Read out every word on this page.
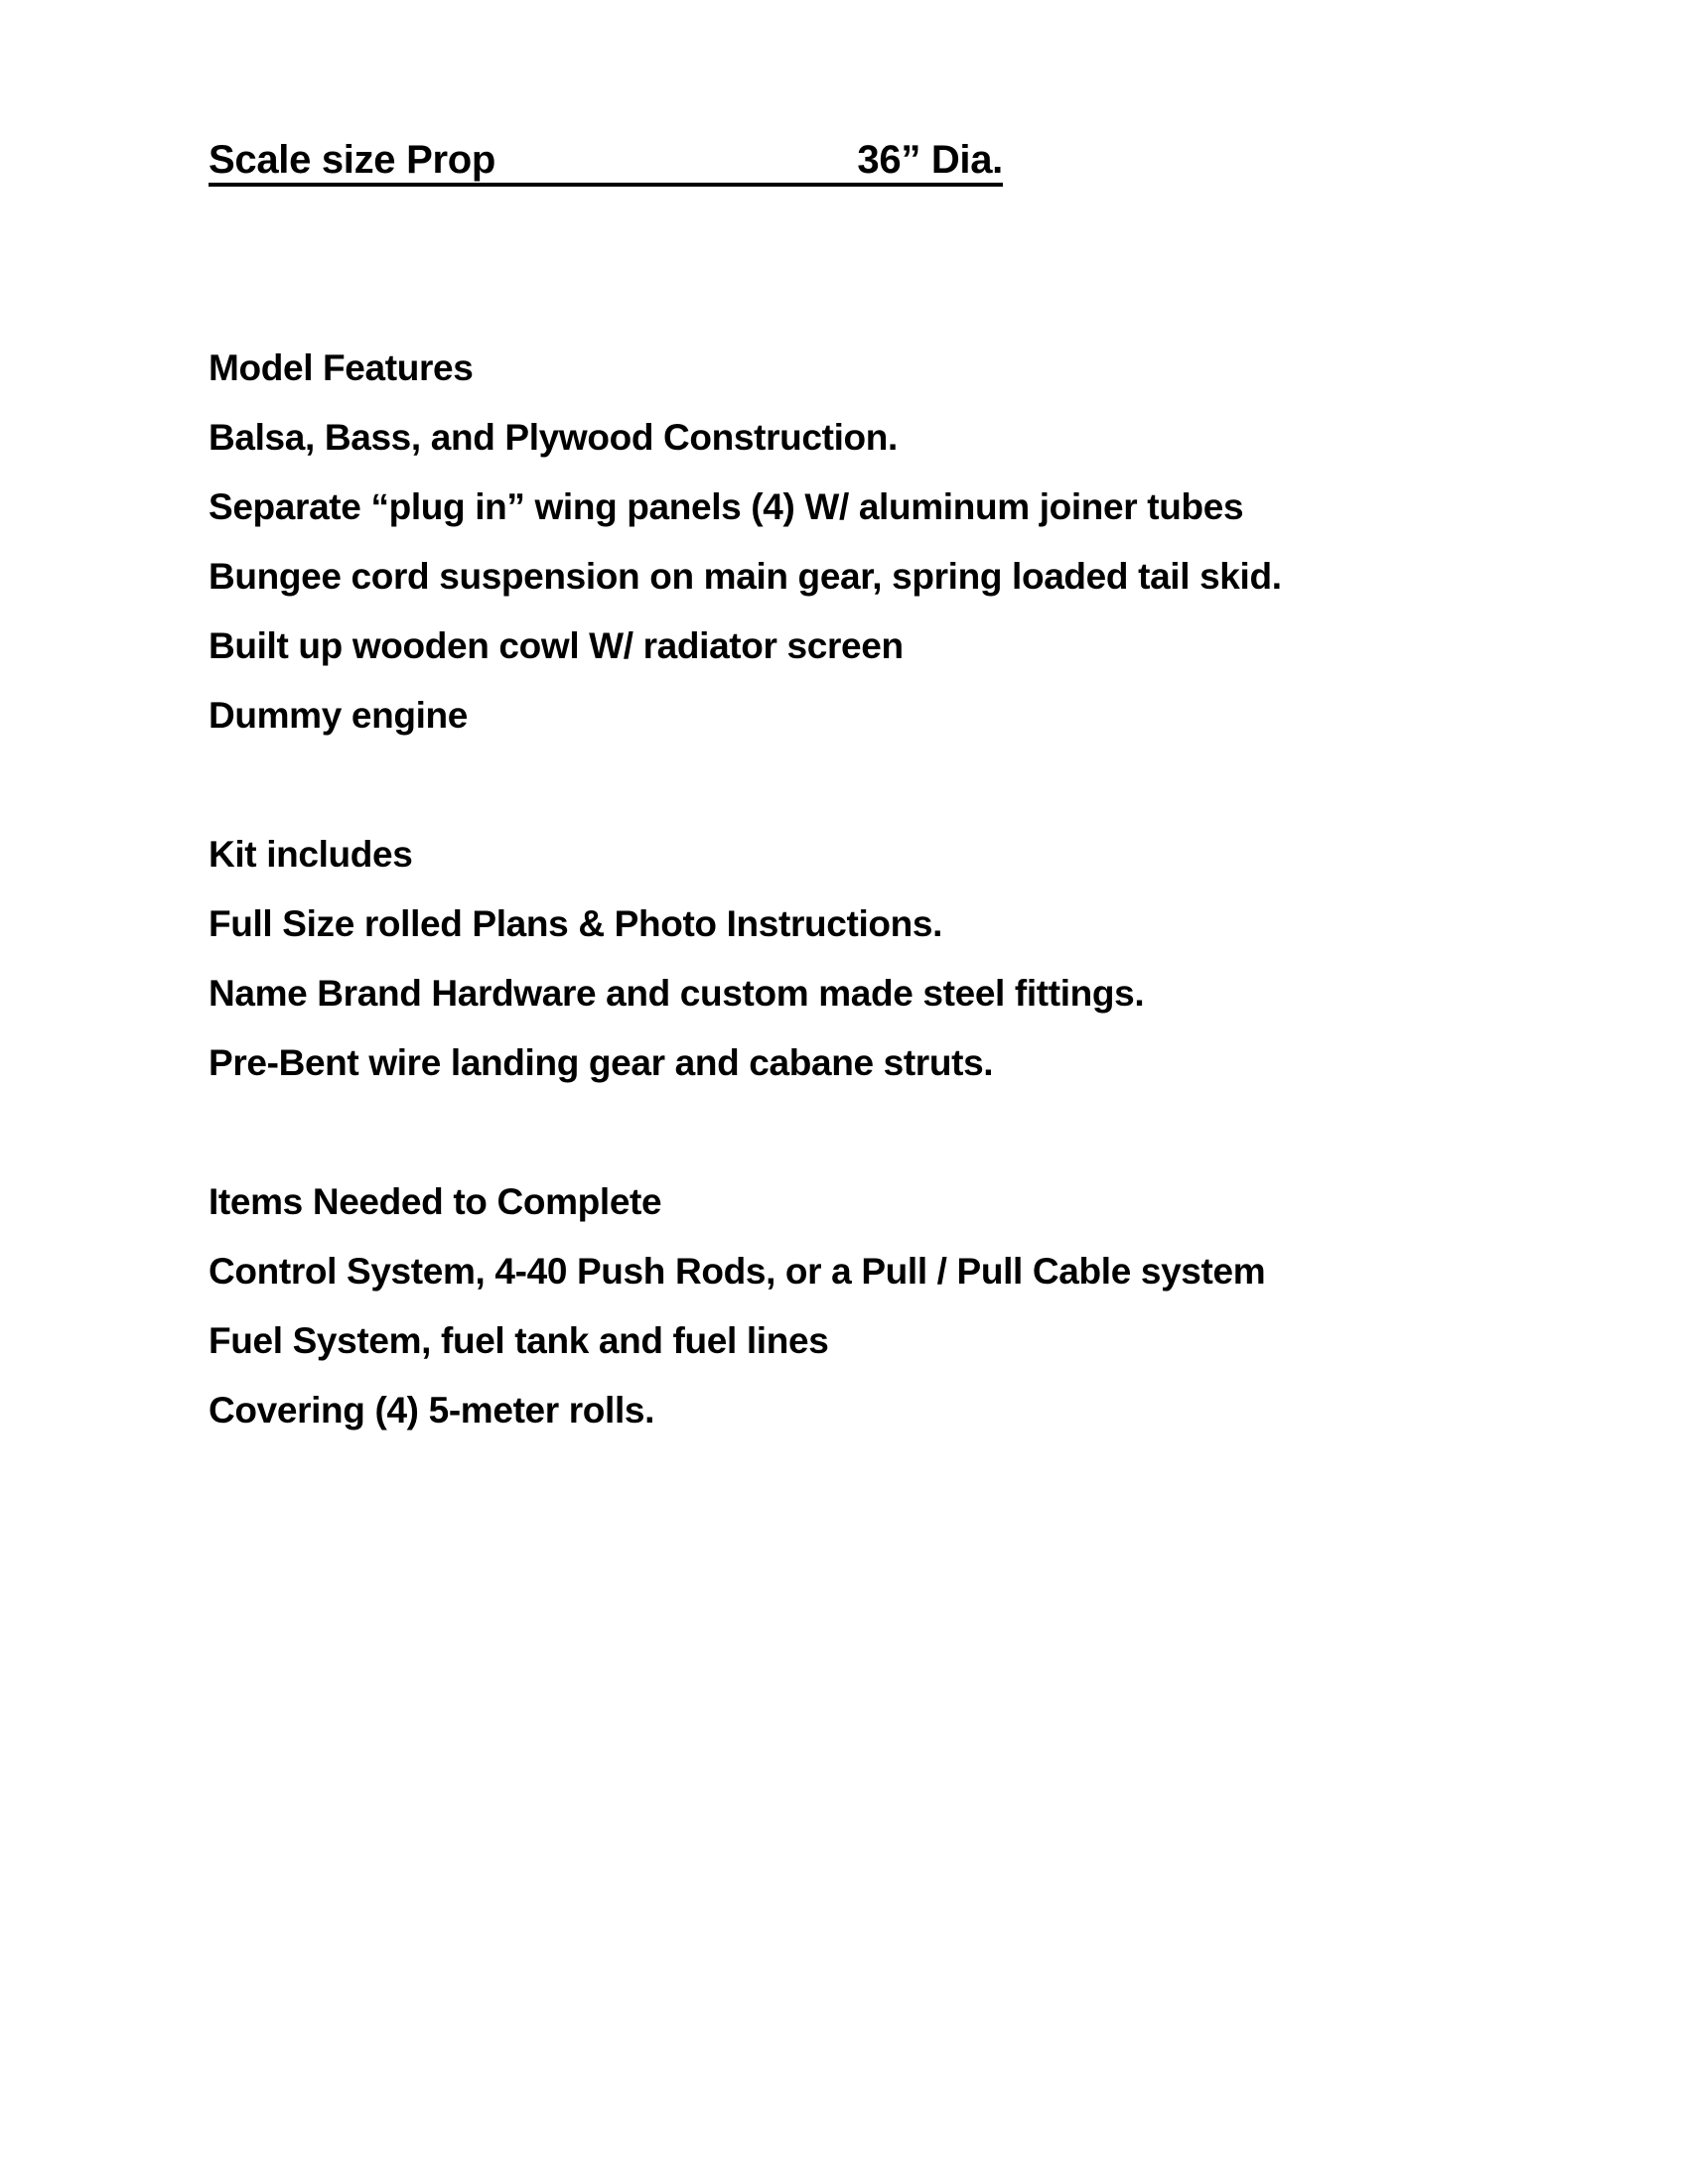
Scale size Prop	36” Dia.
Model Features
Balsa, Bass, and Plywood Construction.
Separate “plug in” wing panels (4) W/ aluminum joiner tubes
Bungee cord suspension on main gear, spring loaded tail skid.
Built up wooden cowl W/ radiator screen
Dummy engine
Kit includes
Full Size rolled Plans & Photo Instructions.
Name Brand Hardware and custom made steel fittings.
Pre-Bent wire landing gear and cabane struts.
Items Needed to Complete
Control System, 4-40 Push Rods, or a Pull / Pull Cable system
Fuel System, fuel tank and fuel lines
Covering (4) 5-meter rolls.
